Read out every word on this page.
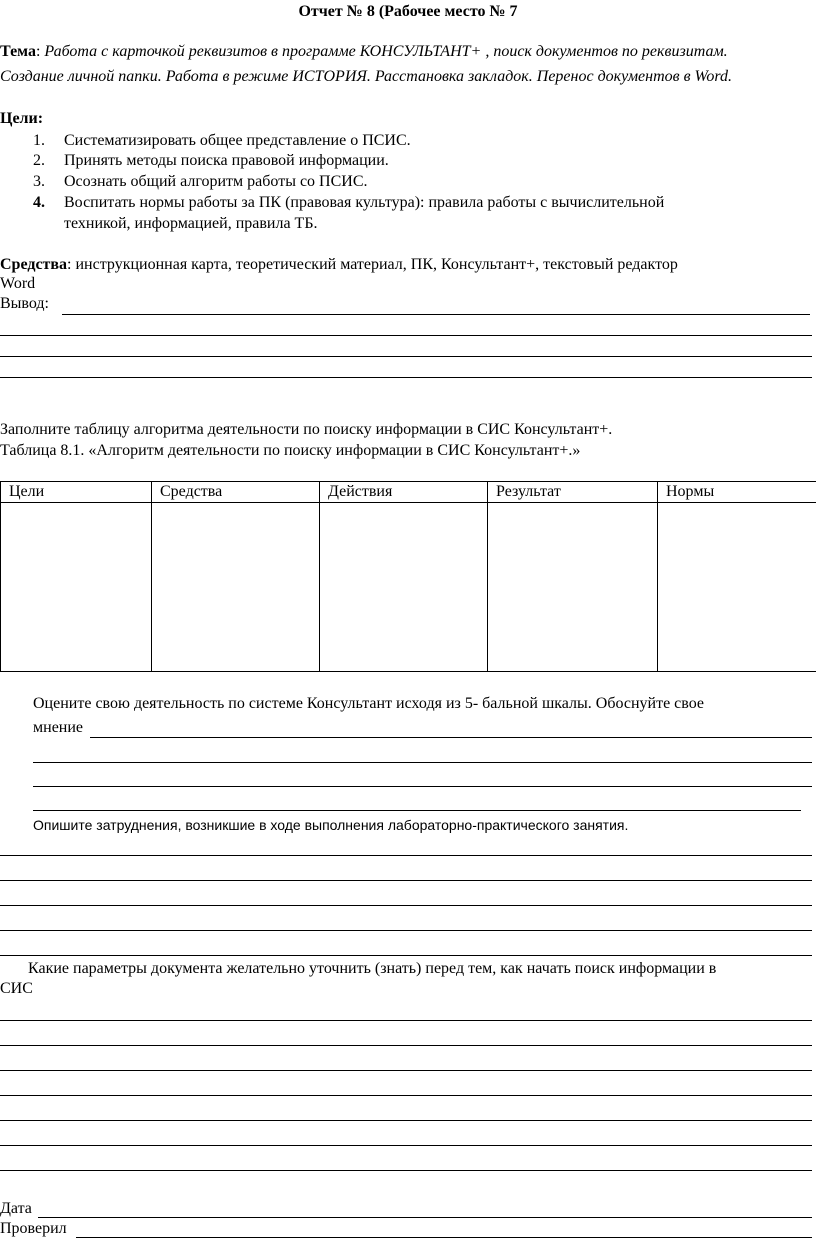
Отчет № 8 (Рабочее место № 7
Тема: Работа с карточкой реквизитов в программе КОНСУЛЬТАНТ+ , поиск документов по реквизитам.
Создание личной папки. Работа в режиме ИСТОРИЯ. Расстановка закладок. Перенос документов в Word.
Цели:
1.	Систематизировать общее представление о ПСИС.
2.	Принять методы поиска правовой информации.
3.	Осознать общий алгоритм работы со ПСИС.
4.	Воспитать нормы работы за ПК (правовая культура): правила работы с вычислительной
техникой, информацией, правила ТБ.
Средства: инструкционная карта, теоретический материал, ПК, Консультант+, текстовый редактор
Word
Вывод:
Заполните таблицу алгоритма деятельности по поиску информации в СИС Консультант+.
Таблица 8.1. «Алгоритм деятельности по поиску информации в СИС Консультант+.»
Цели	Средства	Действия	Результат	Нормы

Оцените свою деятельность по системе Консультант исходя из 5- бальной шкалы. Обоснуйте свое
мнение
Опишите затруднения, возникшие в ходе выполнения лабораторно-практического занятия.
Какие параметры документа желательно уточнить (знать) перед тем, как начать поиск информации в
СИС
Дата
Проверил
